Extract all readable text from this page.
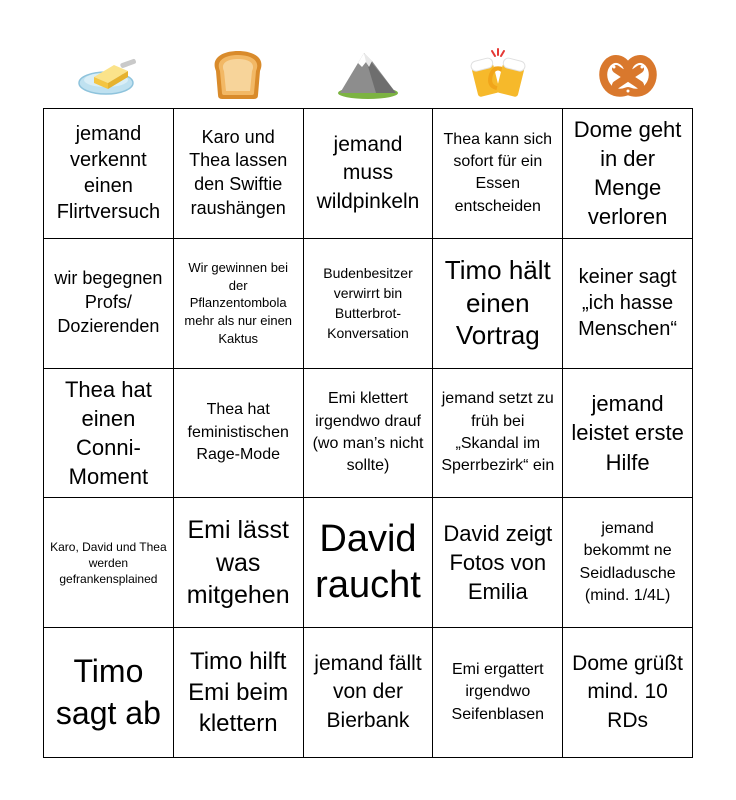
jemand verkennt einen Flirtversuch
Karo und Thea lassen den Swiftie raushängen
jemand muss wildpinkeln
Thea kann sich sofort für ein Essen entscheiden
Dome geht in der Menge verloren
wir begegnen Profs/ Dozierenden
Wir gewinnen bei der Pflanzentombola mehr als nur einen Kaktus
Budenbesitzer verwirrt bin Butterbrot-Konversation
Timo hält einen Vortrag
keiner sagt „ich hasse Menschen“
Thea hat einen Conni-Moment
Thea hat feministischen Rage-Mode
Emi klettert irgendwo drauf (wo man’s nicht sollte)
jemand setzt zu früh bei „Skandal im Sperrbezirk“ ein
jemand leistet erste Hilfe
Karo, David und Thea werden gefrankensplained
Emi lässt was mitgehen
David raucht
David zeigt Fotos von Emilia
jemand bekommt ne Seidladusche (mind. 1/4L)
Timo sagt ab
Timo hilft Emi beim klettern
jemand fällt von der Bierbank
Emi ergattert irgendwo Seifenblasen
Dome grüßt mind. 10 RDs
